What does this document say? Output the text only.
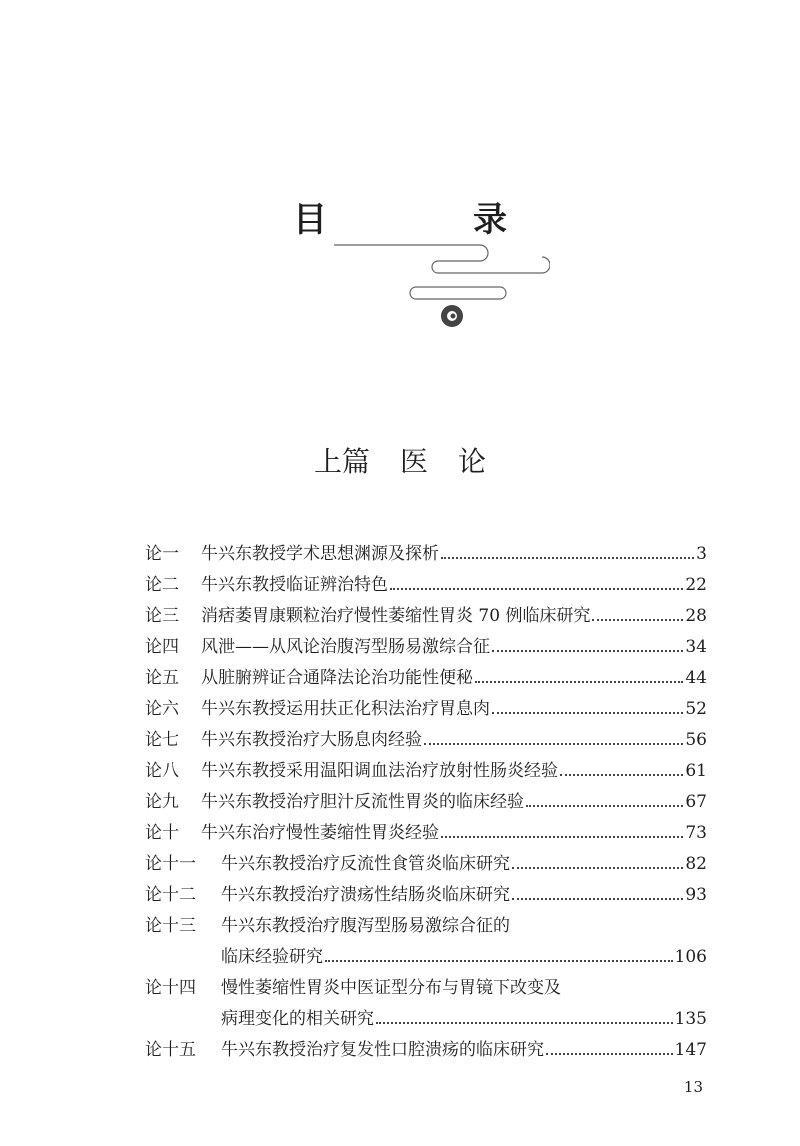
目　录
上篇 医 论
论一	牛兴东教授学术思想渊源及探析	3
论二	牛兴东教授临证辨治特色	22
论三	消痞萎胃康颗粒治疗慢性萎缩性胃炎 70 例临床研究	28
论四	风泄——从风论治腹泻型肠易激综合征	34
论五	从脏腑辨证合通降法论治功能性便秘	44
论六	牛兴东教授运用扶正化积法治疗胃息肉	52
论七	牛兴东教授治疗大肠息肉经验	56
论八	牛兴东教授采用温阳调血法治疗放射性肠炎经验	61
论九	牛兴东教授治疗胆汁反流性胃炎的临床经验	67
论十	牛兴东治疗慢性萎缩性胃炎经验	73
论十一	牛兴东教授治疗反流性食管炎临床研究	82
论十二	牛兴东教授治疗溃疡性结肠炎临床研究	93
论十三	牛兴东教授治疗腹泻型肠易激综合征的
临床经验研究	106
论十四	慢性萎缩性胃炎中医证型分布与胃镜下改变及
病理变化的相关研究	135
论十五	牛兴东教授治疗复发性口腔溃疡的临床研究	147
13
